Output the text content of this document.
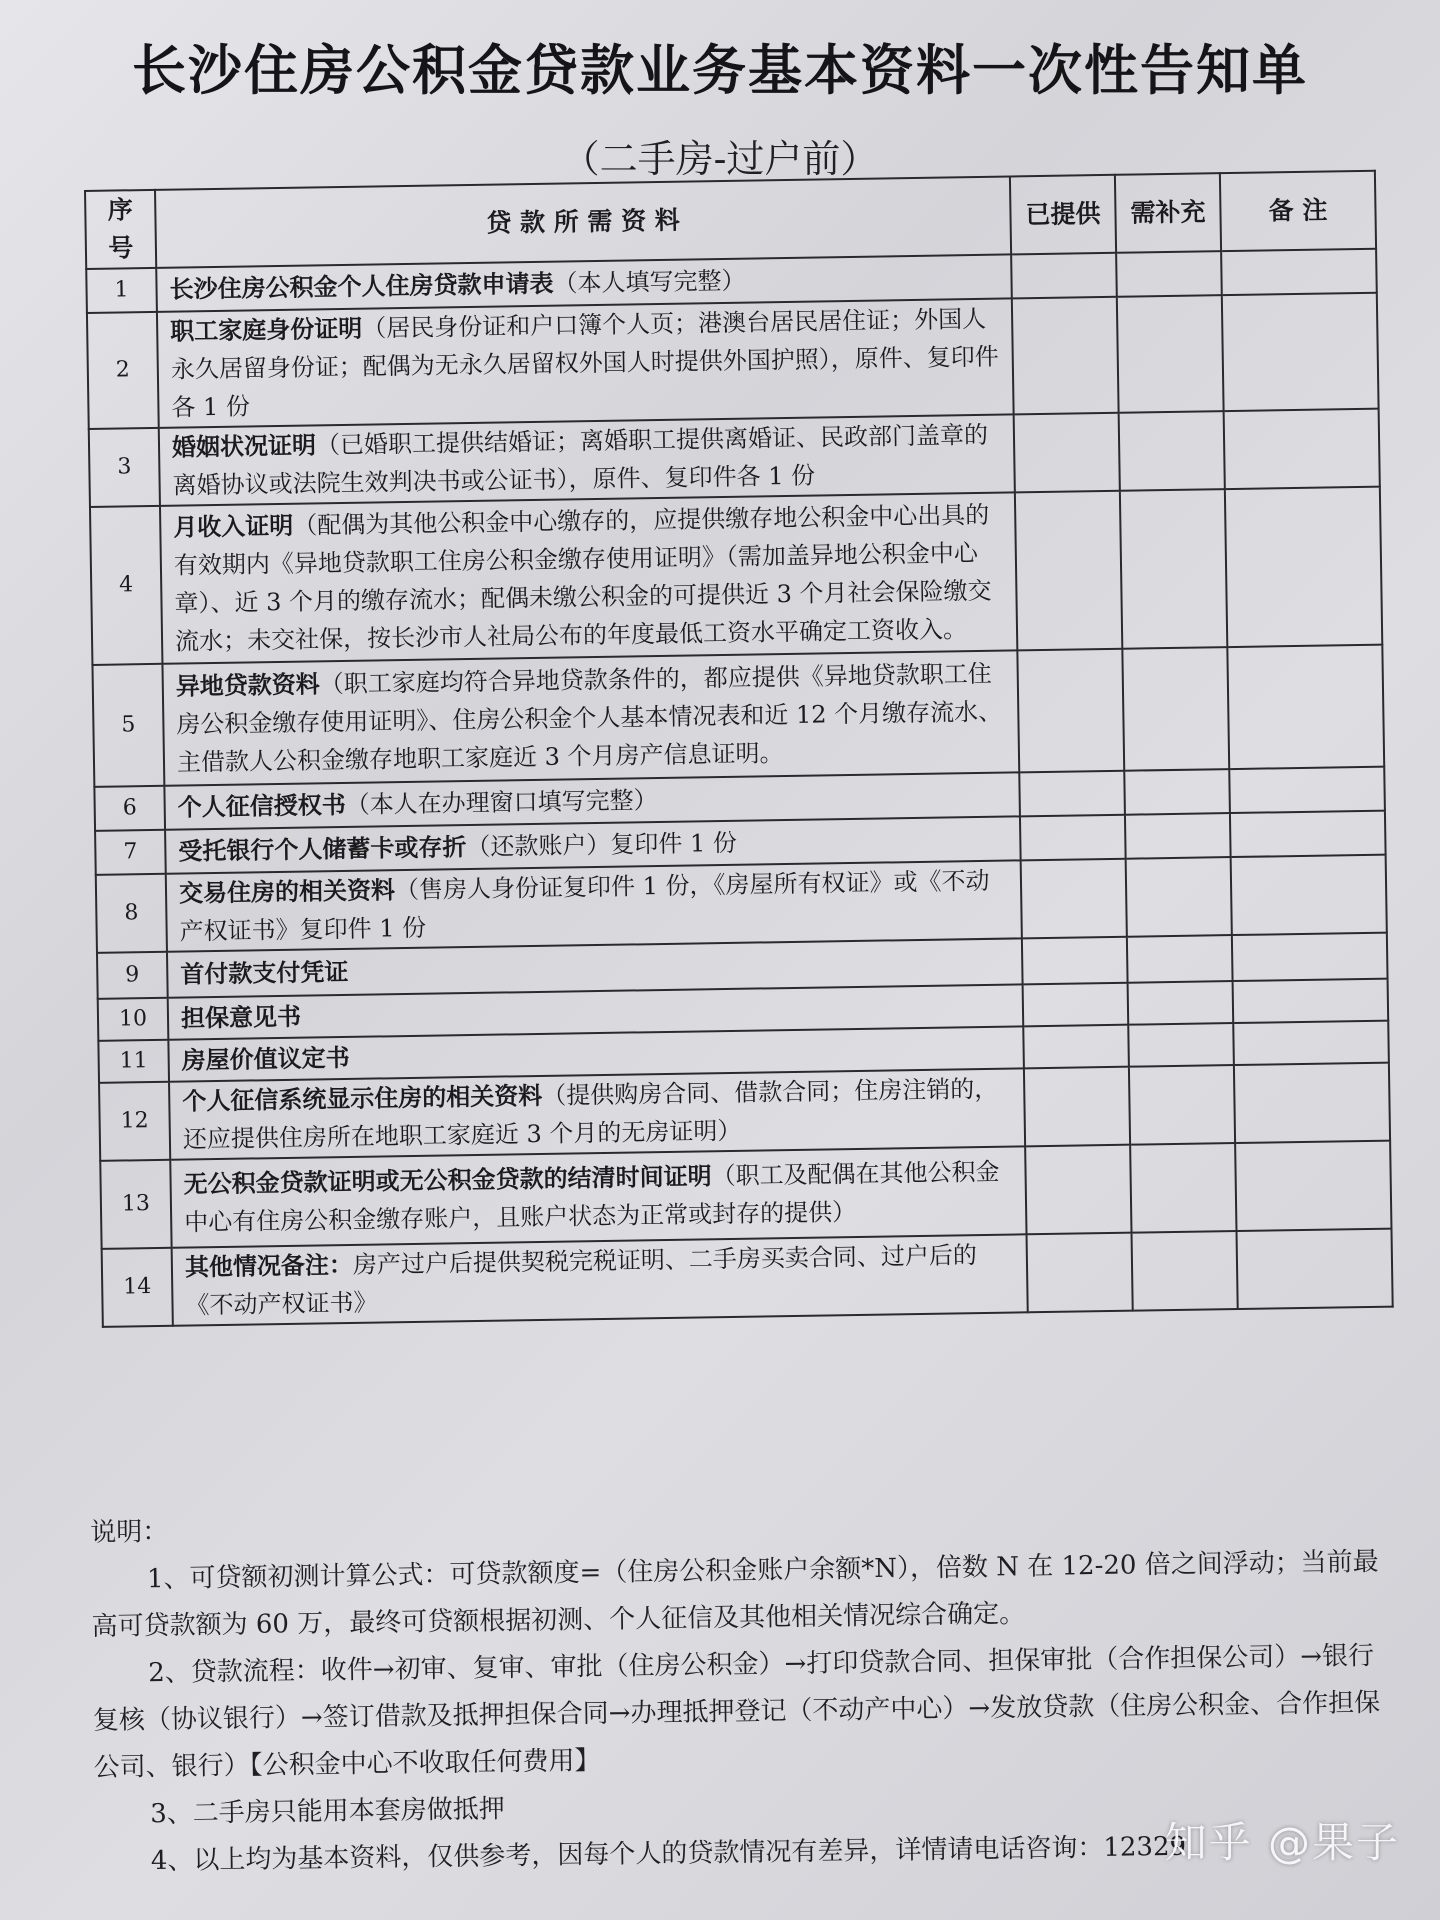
长沙住房公积金贷款业务基本资料一次性告知单
（二手房-过户前）
序号	贷 款 所 需 资 料	已提供	需补充	备 注
1	长沙住房公积金个人住房贷款申请表（本人填写完整）			
2	职工家庭身份证明（居民身份证和户口簿个人页；港澳台居民居住证；外国人永久居留身份证；配偶为无永久居留权外国人时提供外国护照），原件、复印件各 1 份			
3	婚姻状况证明（已婚职工提供结婚证；离婚职工提供离婚证、民政部门盖章的离婚协议或法院生效判决书或公证书），原件、复印件各 1 份			
4	月收入证明（配偶为其他公积金中心缴存的，应提供缴存地公积金中心出具的有效期内《异地贷款职工住房公积金缴存使用证明》（需加盖异地公积金中心章）、近 3 个月的缴存流水；配偶未缴公积金的可提供近 3 个月社会保险缴交流水；未交社保，按长沙市人社局公布的年度最低工资水平确定工资收入。			
5	异地贷款资料（职工家庭均符合异地贷款条件的，都应提供《异地贷款职工住房公积金缴存使用证明》、住房公积金个人基本情况表和近 12 个月缴存流水、主借款人公积金缴存地职工家庭近 3 个月房产信息证明。			
6	个人征信授权书（本人在办理窗口填写完整）			
7	受托银行个人储蓄卡或存折（还款账户）复印件 1 份			
8	交易住房的相关资料（售房人身份证复印件 1 份，《房屋所有权证》或《不动产权证书》复印件 1 份			
9	首付款支付凭证			
10	担保意见书			
11	房屋价值议定书			
12	个人征信系统显示住房的相关资料（提供购房合同、借款合同；住房注销的，还应提供住房所在地职工家庭近 3 个月的无房证明）			
13	无公积金贷款证明或无公积金贷款的结清时间证明（职工及配偶在其他公积金中心有住房公积金缴存账户，且账户状态为正常或封存的提供）			
14	其他情况备注：房产过户后提供契税完税证明、二手房买卖合同、过户后的《不动产权证书》			

说明：

1、可贷额初测计算公式：可贷款额度=（住房公积金账户余额*N），倍数 N 在 12-20 倍之间浮动；当前最高可贷款额为 60 万，最终可贷额根据初测、个人征信及其他相关情况综合确定。

2、贷款流程：收件→初审、复审、审批（住房公积金）→打印贷款合同、担保审批（合作担保公司）→银行复核（协议银行）→签订借款及抵押担保合同→办理抵押登记（不动产中心）→发放贷款（住房公积金、合作担保公司、银行）【公积金中心不收取任何费用】

3、二手房只能用本套房做抵押

4、以上均为基本资料，仅供参考，因每个人的贷款情况有差异，详情请电话咨询：12329

知乎 @果子
